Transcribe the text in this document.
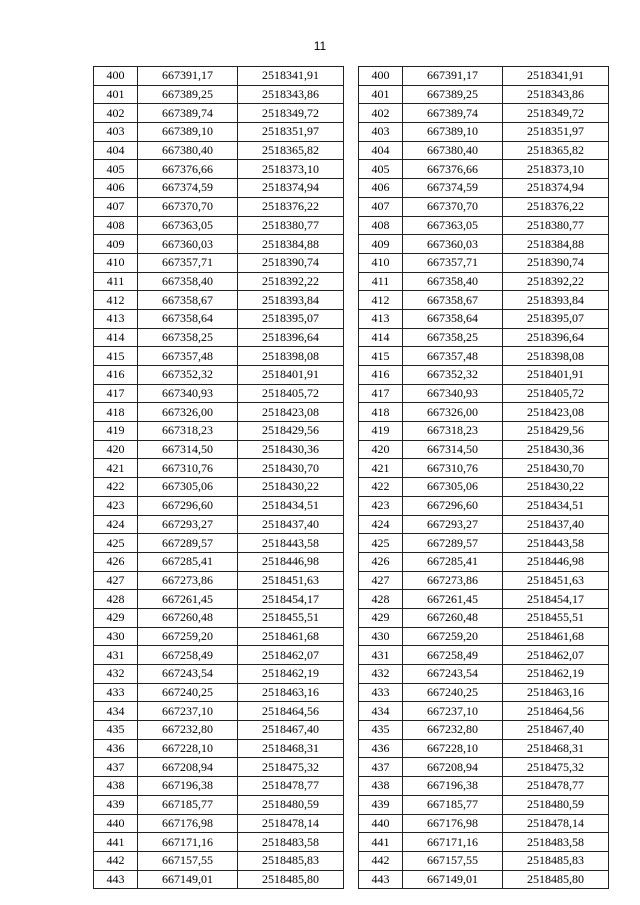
11
400	667391,17	2518341,91
401	667389,25	2518343,86
402	667389,74	2518349,72
403	667389,10	2518351,97
404	667380,40	2518365,82
405	667376,66	2518373,10
406	667374,59	2518374,94
407	667370,70	2518376,22
408	667363,05	2518380,77
409	667360,03	2518384,88
410	667357,71	2518390,74
411	667358,40	2518392,22
412	667358,67	2518393,84
413	667358,64	2518395,07
414	667358,25	2518396,64
415	667357,48	2518398,08
416	667352,32	2518401,91
417	667340,93	2518405,72
418	667326,00	2518423,08
419	667318,23	2518429,56
420	667314,50	2518430,36
421	667310,76	2518430,70
422	667305,06	2518430,22
423	667296,60	2518434,51
424	667293,27	2518437,40
425	667289,57	2518443,58
426	667285,41	2518446,98
427	667273,86	2518451,63
428	667261,45	2518454,17
429	667260,48	2518455,51
430	667259,20	2518461,68
431	667258,49	2518462,07
432	667243,54	2518462,19
433	667240,25	2518463,16
434	667237,10	2518464,56
435	667232,80	2518467,40
436	667228,10	2518468,31
437	667208,94	2518475,32
438	667196,38	2518478,77
439	667185,77	2518480,59
440	667176,98	2518478,14
441	667171,16	2518483,58
442	667157,55	2518485,83
443	667149,01	2518485,80
400	667391,17	2518341,91
401	667389,25	2518343,86
402	667389,74	2518349,72
403	667389,10	2518351,97
404	667380,40	2518365,82
405	667376,66	2518373,10
406	667374,59	2518374,94
407	667370,70	2518376,22
408	667363,05	2518380,77
409	667360,03	2518384,88
410	667357,71	2518390,74
411	667358,40	2518392,22
412	667358,67	2518393,84
413	667358,64	2518395,07
414	667358,25	2518396,64
415	667357,48	2518398,08
416	667352,32	2518401,91
417	667340,93	2518405,72
418	667326,00	2518423,08
419	667318,23	2518429,56
420	667314,50	2518430,36
421	667310,76	2518430,70
422	667305,06	2518430,22
423	667296,60	2518434,51
424	667293,27	2518437,40
425	667289,57	2518443,58
426	667285,41	2518446,98
427	667273,86	2518451,63
428	667261,45	2518454,17
429	667260,48	2518455,51
430	667259,20	2518461,68
431	667258,49	2518462,07
432	667243,54	2518462,19
433	667240,25	2518463,16
434	667237,10	2518464,56
435	667232,80	2518467,40
436	667228,10	2518468,31
437	667208,94	2518475,32
438	667196,38	2518478,77
439	667185,77	2518480,59
440	667176,98	2518478,14
441	667171,16	2518483,58
442	667157,55	2518485,83
443	667149,01	2518485,80
